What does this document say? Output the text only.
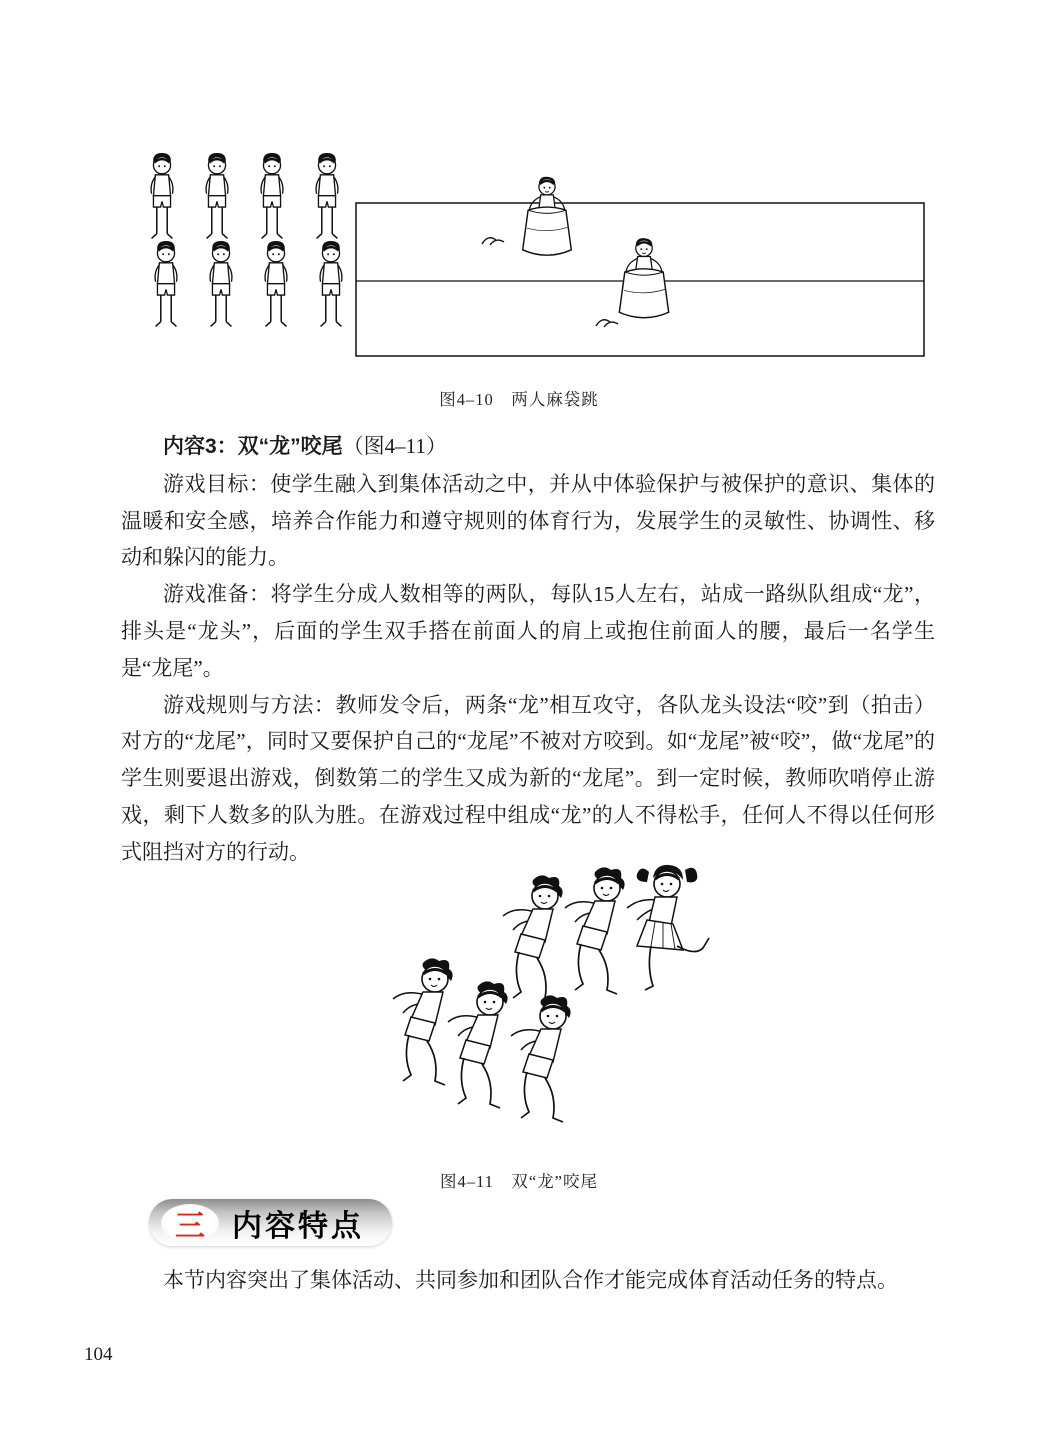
图4–10　两人麻袋跳

内容3：双“龙”咬尾（图4–11）

游戏目标：使学生融入到集体活动之中，并从中体验保护与被保护的意识、集体的温暖和安全感，培养合作能力和遵守规则的体育行为，发展学生的灵敏性、协调性、移动和躲闪的能力。

游戏准备：将学生分成人数相等的两队，每队15人左右，站成一路纵队组成“龙”，排头是“龙头”，后面的学生双手搭在前面人的肩上或抱住前面人的腰，最后一名学生是“龙尾”。

游戏规则与方法：教师发令后，两条“龙”相互攻守，各队龙头设法“咬”到（拍击）对方的“龙尾”，同时又要保护自己的“龙尾”不被对方咬到。如“龙尾”被“咬”，做“龙尾”的学生则要退出游戏，倒数第二的学生又成为新的“龙尾”。到一定时候，教师吹哨停止游戏，剩下人数多的队为胜。在游戏过程中组成“龙”的人不得松手，任何人不得以任何形式阻挡对方的行动。

图4–11　双“龙”咬尾
三 内容特点

本节内容突出了集体活动、共同参加和团队合作才能完成体育活动任务的特点。

104
